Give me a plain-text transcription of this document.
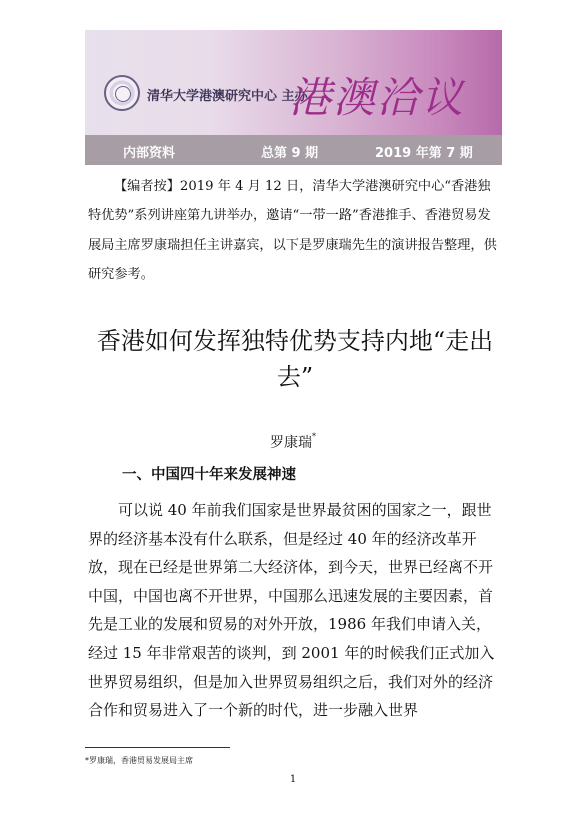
清华大学港澳研究中心 主办
港澳洽议
内部资料	总第 9 期	2019 年第 7 期

【编者按】2019 年 4 月 12 日，清华大学港澳研究中心“香港独特优势”系列讲座第九讲举办，邀请“一带一路”香港推手、香港贸易发展局主席罗康瑞担任主讲嘉宾，以下是罗康瑞先生的演讲报告整理，供研究参考。

香港如何发挥独特优势支持内地“走出去”
罗康瑞*
一、中国四十年来发展神速

可以说 40 年前我们国家是世界最贫困的国家之一，跟世界的经济基本没有什么联系，但是经过 40 年的经济改革开放，现在已经是世界第二大经济体，到今天，世界已经离不开中国，中国也离不开世界，中国那么迅速发展的主要因素，首先是工业的发展和贸易的对外开放，1986 年我们申请入关，经过 15 年非常艰苦的谈判，到 2001 年的时候我们正式加入世界贸易组织，但是加入世界贸易组织之后，我们对外的经济合作和贸易进入了一个新的时代，进一步融入世界

*罗康瑞，香港贸易发展局主席
1
